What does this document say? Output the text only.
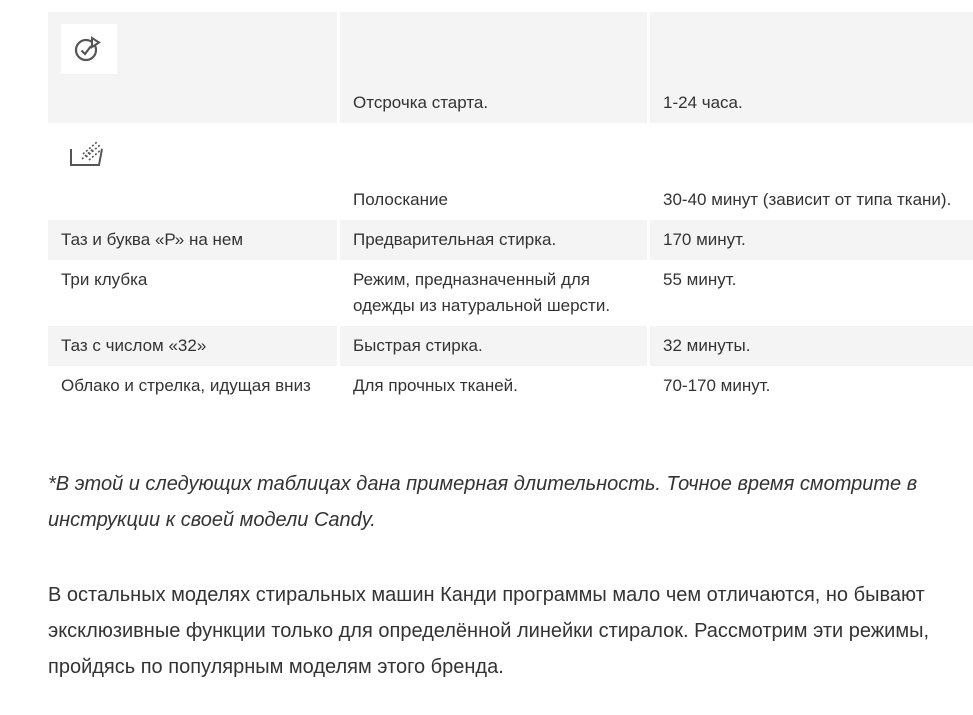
	Отсрочка старта.	1-24 часа.

	Полоскание	30-40 минут (зависит от типа ткани).
Таз и буква «Р» на нем	Предварительная стирка.	170 минут.
Три клубка	Режим, предназначенный для одежды из натуральной шерсти.	55 минут.
Таз с числом «32»	Быстрая стирка.	32 минуты.
Облако и стрелка, идущая вниз	Для прочных тканей.	70-170 минут.

*В этой и следующих таблицах дана примерная длительность. Точное время смотрите в инструкции к своей модели Candy.

В остальных моделях стиральных машин Канди программы мало чем отличаются, но бывают эксклюзивные функции только для определённой линейки стиралок. Рассмотрим эти режимы, пройдясь по популярным моделям этого бренда.
